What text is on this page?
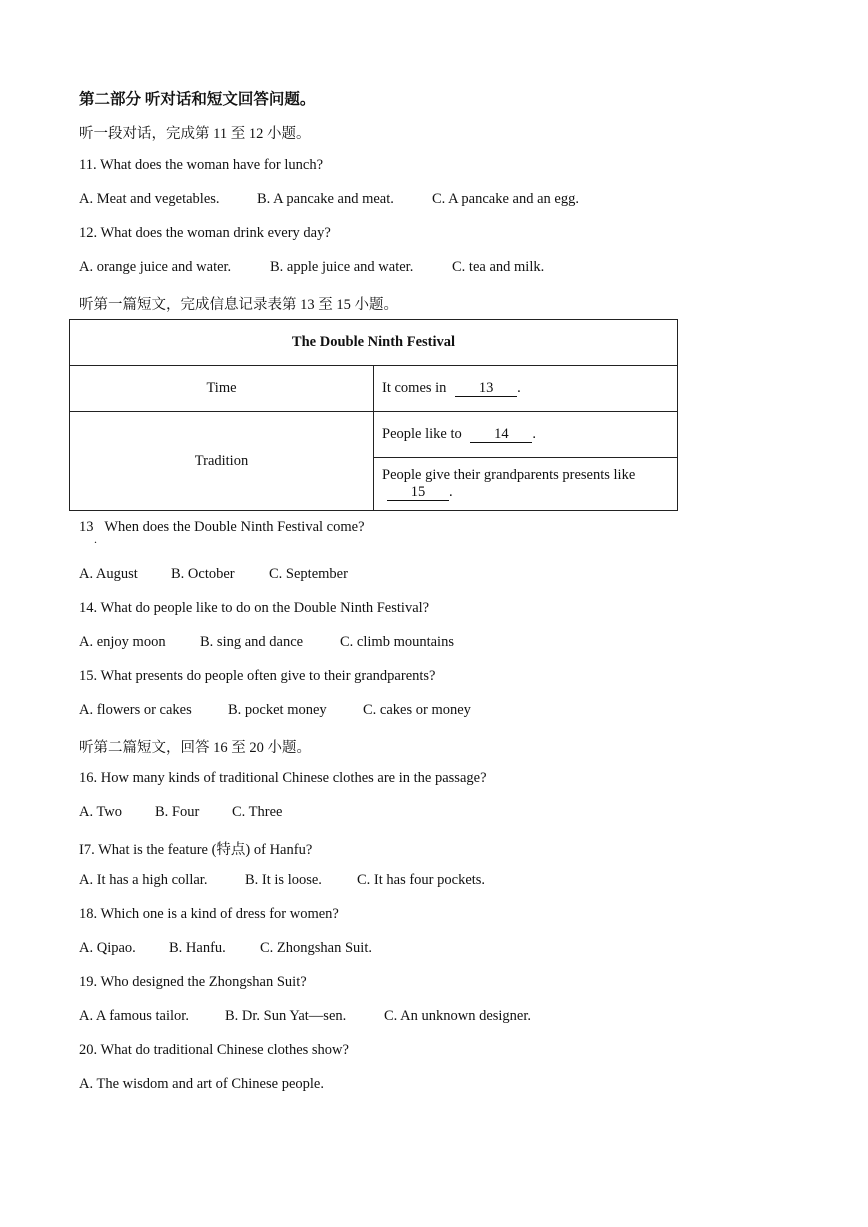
第二部分 听对话和短文回答问题。
听一段对话，完成第 11 至 12 小题。
11. What does the woman have for lunch?
A. Meat and vegetables.	B. A pancake and meat.	C. A pancake and an egg.
12. What does the woman drink every day?
A. orange juice and water.	B. apple juice and water.	C. tea and milk.
听第一篇短文，完成信息记录表第 13 至 15 小题。
The Double Ninth Festival	
Time	It comes in 13 .
Tradition	People like to 14 .
	People give their grandparents presents like 15 .
13 When does the Double Ninth Festival come?
.
A. August B. October C. September
14. What do people like to do on the Double Ninth Festival?
A. enjoy moon B. sing and dance	C. climb mountains
15. What presents do people often give to their grandparents?
A. flowers or cakes	B. pocket money	C. cakes or money
听第二篇短文，回答 16 至 20 小题。
16. How many kinds of traditional Chinese clothes are in the passage?
A. Two B. Four C. Three
I7. What is the feature (特点) of Hanfu?
A. It has a high collar.	B. It is loose. C. It has four pockets.
18. Which one is a kind of dress for women?
A. Qipao. B. Hanfu. C. Zhongshan Suit.
19. Who designed the Zhongshan Suit?
A. A famous tailor. B. Dr. Sun Yat—sen.	C. An unknown designer.
20. What do traditional Chinese clothes show?
A. The wisdom and art of Chinese people.
